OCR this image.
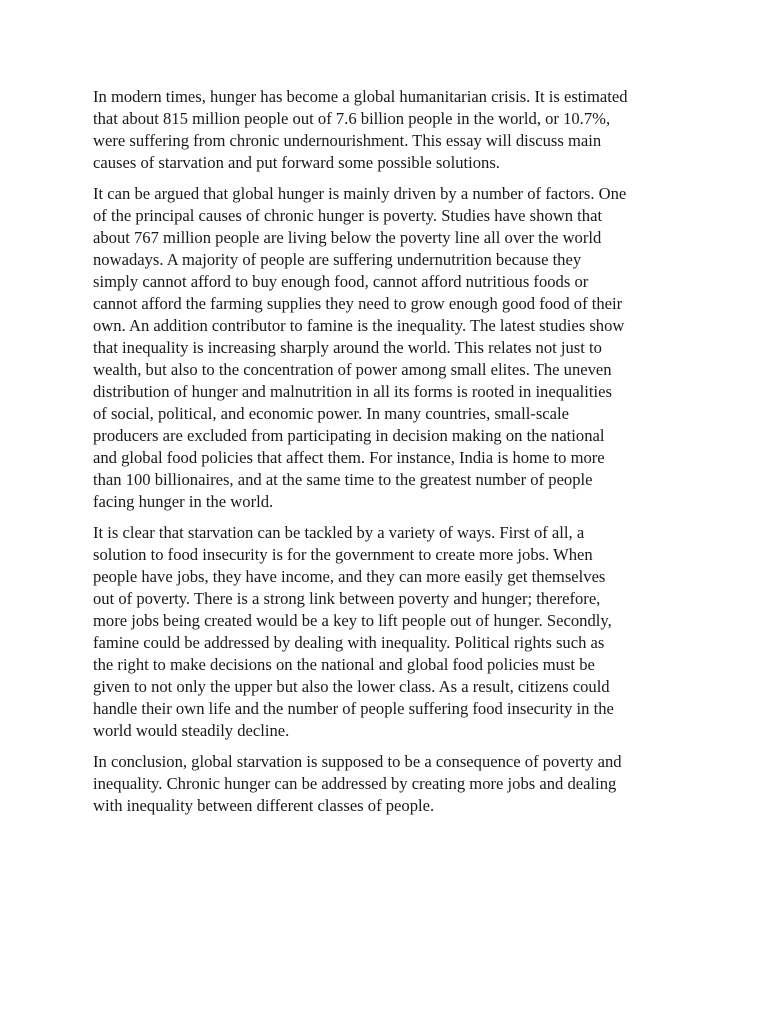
In modern times, hunger has become a global humanitarian crisis. It is estimated
that about 815 million people out of 7.6 billion people in the world, or 10.7%,
were suffering from chronic undernourishment. This essay will discuss main
causes of starvation and put forward some possible solutions.

It can be argued that global hunger is mainly driven by a number of factors. One
of the principal causes of chronic hunger is poverty. Studies have shown that
about 767 million people are living below the poverty line all over the world
nowadays. A majority of people are suffering undernutrition because they
simply cannot afford to buy enough food, cannot afford nutritious foods or
cannot afford the farming supplies they need to grow enough good food of their
own. An addition contributor to famine is the inequality. The latest studies show
that inequality is increasing sharply around the world. This relates not just to
wealth, but also to the concentration of power among small elites. The uneven
distribution of hunger and malnutrition in all its forms is rooted in inequalities
of social, political, and economic power. In many countries, small-scale
producers are excluded from participating in decision making on the national
and global food policies that affect them. For instance, India is home to more
than 100 billionaires, and at the same time to the greatest number of people
facing hunger in the world.

It is clear that starvation can be tackled by a variety of ways. First of all, a
solution to food insecurity is for the government to create more jobs. When
people have jobs, they have income, and they can more easily get themselves
out of poverty. There is a strong link between poverty and hunger; therefore,
more jobs being created would be a key to lift people out of hunger. Secondly,
famine could be addressed by dealing with inequality. Political rights such as
the right to make decisions on the national and global food policies must be
given to not only the upper but also the lower class. As a result, citizens could
handle their own life and the number of people suffering food insecurity in the
world would steadily decline.

In conclusion, global starvation is supposed to be a consequence of poverty and
inequality. Chronic hunger can be addressed by creating more jobs and dealing
with inequality between different classes of people.
